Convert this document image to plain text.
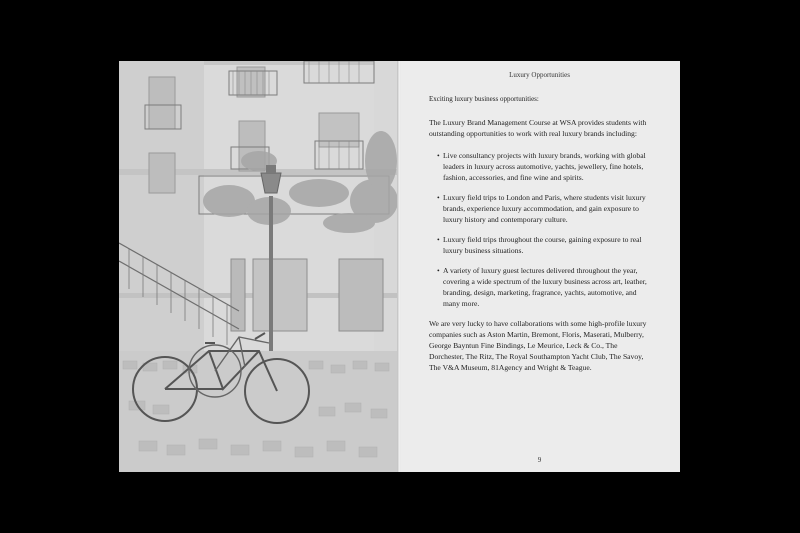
Luxury Opportunities
Exciting luxury business opportunities:

The Luxury Brand Management Course at WSA provides students with outstanding opportunities to work with real luxury brands including:

• Live consultancy projects with luxury brands, working with global leaders in luxury across automotive, yachts, jewellery, fine hotels, fashion, accessories, and fine wine and spirits.
• Luxury field trips to London and Paris, where students visit luxury brands, experience luxury accommodation, and gain exposure to luxury history and contemporary culture.
• Luxury field trips throughout the course, gaining exposure to real luxury business situations.
• A variety of luxury guest lectures delivered throughout the year, covering a wide spectrum of the luxury business across art, leather, branding, design, marketing, fragrance, yachts, automotive, and many more.

We are very lucky to have collaborations with some high-profile luxury companies such as Aston Martin, Bremont, Floris, Maserati, Mulberry, George Bayntun Fine Bindings, Le Meurice, Leck & Co., The Dorchester, The Ritz, The Royal Southampton Yacht Club, The Savoy, The V&A Museum, 81Agency and Wright & Teague.

9
